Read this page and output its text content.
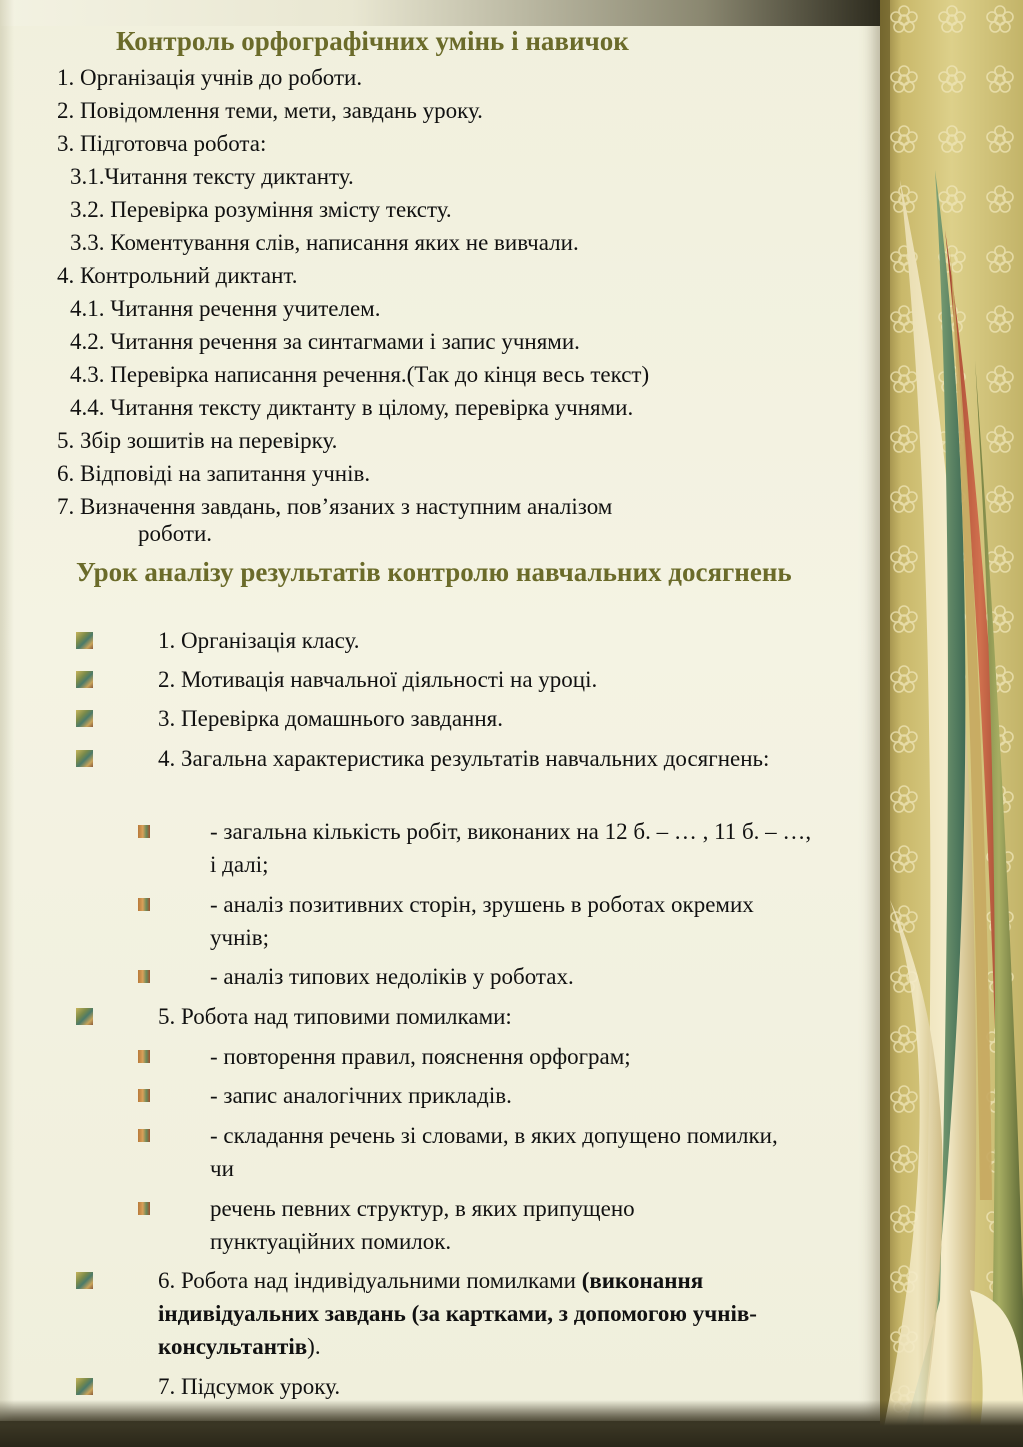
Контроль орфографічних умінь і навичок
1. Організація учнів до роботи.
2. Повідомлення теми, мети, завдань уроку.
3. Підготовча робота:
3.1.Читання тексту диктанту.
3.2. Перевірка розуміння змісту тексту.
3.3. Коментування слів, написання яких не вивчали.
4. Контрольний диктант.
4.1. Читання речення учителем.
4.2. Читання речення за синтагмами і запис учнями.
4.3. Перевірка написання речення.(Так до кінця весь текст)
4.4. Читання тексту диктанту в цілому, перевірка учнями.
5. Збір зошитів на перевірку.
6. Відповіді на запитання учнів.
7. Визначення завдань, пов’язаних з наступним аналізом
роботи.
Урок аналізу результатів контролю навчальних досягнень
1. Організація класу.
2. Мотивація навчальної діяльності на уроці.
3. Перевірка домашнього завдання.
4. Загальна характеристика результатів навчальних досягнень:
- загальна кількість робіт, виконаних на 12 б. – … , 11 б. – …, і далі;
- аналіз позитивних сторін, зрушень в роботах окремих учнів;
- аналіз типових недоліків у роботах.
5. Робота над типовими помилками:
- повторення правил, пояснення орфограм;
- запис аналогічних прикладів.
- складання речень зі словами, в яких допущено помилки, чи
речень певних структур, в яких припущено пунктуаційних помилок.
6. Робота над індивідуальними помилками (виконання індивідуальних завдань (за картками, з допомогою учнів-консультантів).
7. Підсумок уроку.
